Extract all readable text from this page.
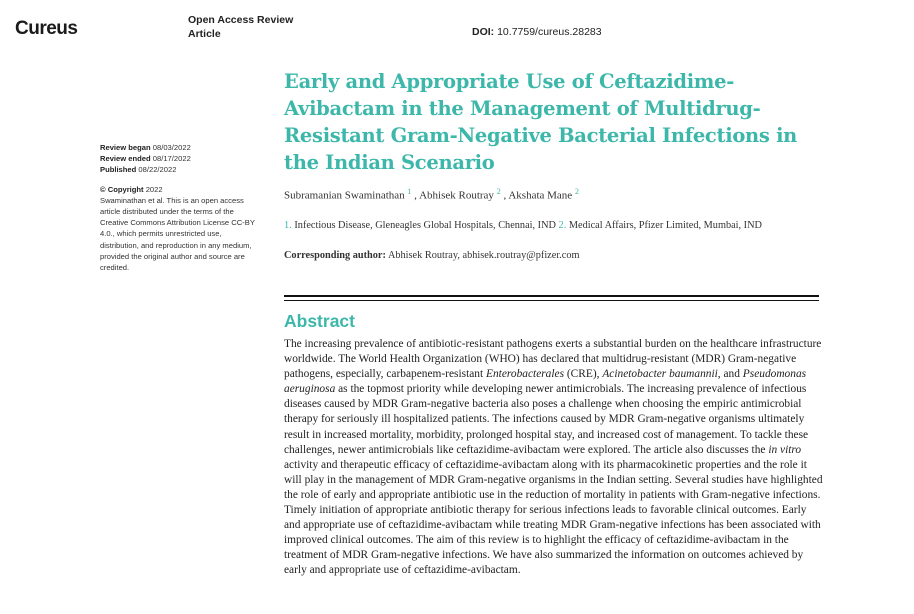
Cureus	Open Access Review
Article	DOI: 10.7759/cureus.28283
Review began 08/03/2022
Review ended 08/17/2022
Published 08/22/2022
© Copyright 2022
Swaminathan et al. This is an open access article distributed under the terms of the Creative Commons Attribution License CC-BY 4.0., which permits unrestricted use, distribution, and reproduction in any medium, provided the original author and source are credited.
Early and Appropriate Use of Ceftazidime-Avibactam in the Management of Multidrug-Resistant Gram-Negative Bacterial Infections in the Indian Scenario
Subramanian Swaminathan $^1$ , Abhisek Routray $^2$ , Akshata Mane $^2$
1. Infectious Disease, Gleneagles Global Hospitals, Chennai, IND 2. Medical Affairs, Pfizer Limited, Mumbai, IND
Corresponding author: Abhisek Routray, abhisek.routray@pfizer.com
Abstract
The increasing prevalence of antibiotic-resistant pathogens exerts a substantial burden on the healthcare infrastructure worldwide. The World Health Organization (WHO) has declared that multidrug-resistant (MDR) Gram-negative pathogens, especially, carbapenem-resistant Enterobacterales (CRE), Acinetobacter baumannii, and Pseudomonas aeruginosa as the topmost priority while developing newer antimicrobials. The increasing prevalence of infectious diseases caused by MDR Gram-negative bacteria also poses a challenge when choosing the empiric antimicrobial therapy for seriously ill hospitalized patients. The infections caused by MDR Gram-negative organisms ultimately result in increased mortality, morbidity, prolonged hospital stay, and increased cost of management. To tackle these challenges, newer antimicrobials like ceftazidime-avibactam were explored. The article also discusses the in vitro activity and therapeutic efficacy of ceftazidime-avibactam along with its pharmacokinetic properties and the role it will play in the management of MDR Gram-negative organisms in the Indian setting. Several studies have highlighted the role of early and appropriate antibiotic use in the reduction of mortality in patients with Gram-negative infections. Timely initiation of appropriate antibiotic therapy for serious infections leads to favorable clinical outcomes. Early and appropriate use of ceftazidime-avibactam while treating MDR Gram-negative infections has been associated with improved clinical outcomes. The aim of this review is to highlight the efficacy of ceftazidime-avibactam in the treatment of MDR Gram-negative infections. We have also summarized the information on outcomes achieved by early and appropriate use of ceftazidime-avibactam.
